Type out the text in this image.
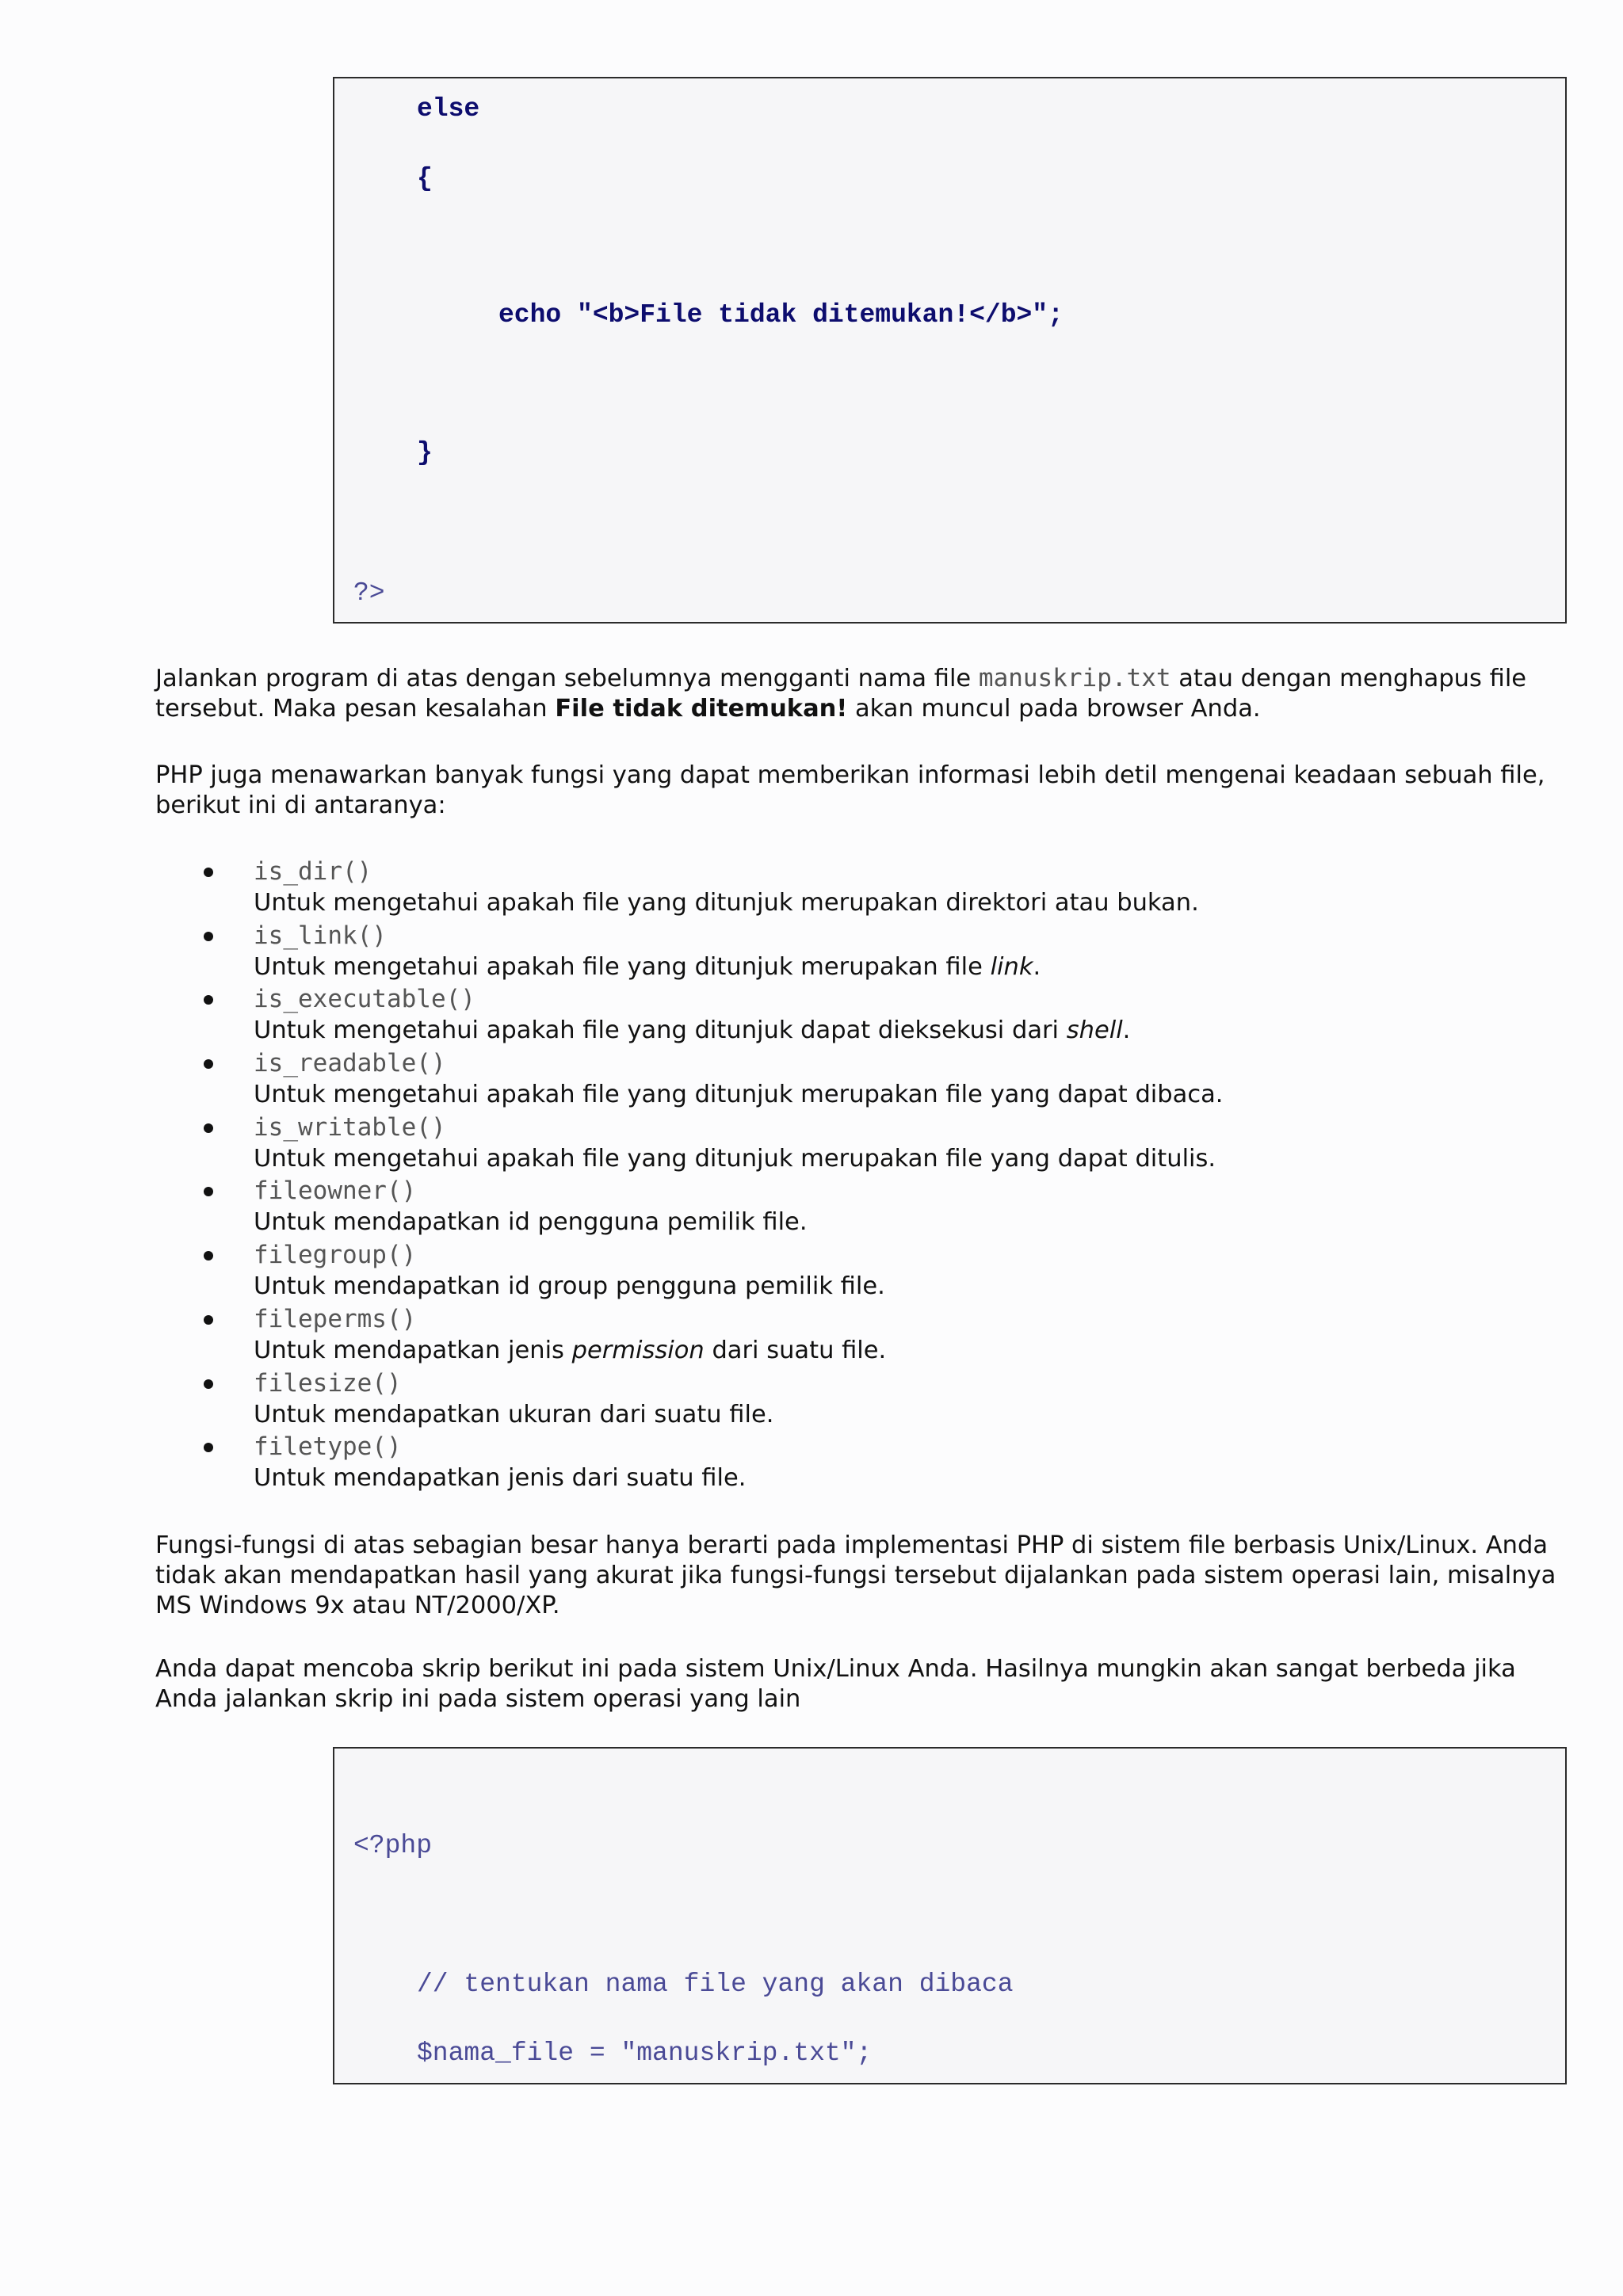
else
{
echo "<b>File tidak ditemukan!</b>";
}
?>

Jalankan program di atas dengan sebelumnya mengganti nama file manuskrip.txt atau dengan menghapus file tersebut. Maka pesan kesalahan File tidak ditemukan! akan muncul pada browser Anda.

PHP juga menawarkan banyak fungsi yang dapat memberikan informasi lebih detil mengenai keadaan sebuah file, berikut ini di antaranya:

is_dir()
Untuk mengetahui apakah file yang ditunjuk merupakan direktori atau bukan.
is_link()
Untuk mengetahui apakah file yang ditunjuk merupakan file link.
is_executable()
Untuk mengetahui apakah file yang ditunjuk dapat dieksekusi dari shell.
is_readable()
Untuk mengetahui apakah file yang ditunjuk merupakan file yang dapat dibaca.
is_writable()
Untuk mengetahui apakah file yang ditunjuk merupakan file yang dapat ditulis.
fileowner()
Untuk mendapatkan id pengguna pemilik file.
filegroup()
Untuk mendapatkan id group pengguna pemilik file.
fileperms()
Untuk mendapatkan jenis permission dari suatu file.
filesize()
Untuk mendapatkan ukuran dari suatu file.
filetype()
Untuk mendapatkan jenis dari suatu file.

Fungsi-fungsi di atas sebagian besar hanya berarti pada implementasi PHP di sistem file berbasis Unix/Linux. Anda tidak akan mendapatkan hasil yang akurat jika fungsi-fungsi tersebut dijalankan pada sistem operasi lain, misalnya MS Windows 9x atau NT/2000/XP.

Anda dapat mencoba skrip berikut ini pada sistem Unix/Linux Anda. Hasilnya mungkin akan sangat berbeda jika Anda jalankan skrip ini pada sistem operasi yang lain

<?php
// tentukan nama file yang akan dibaca
$nama_file = "manuskrip.txt";
